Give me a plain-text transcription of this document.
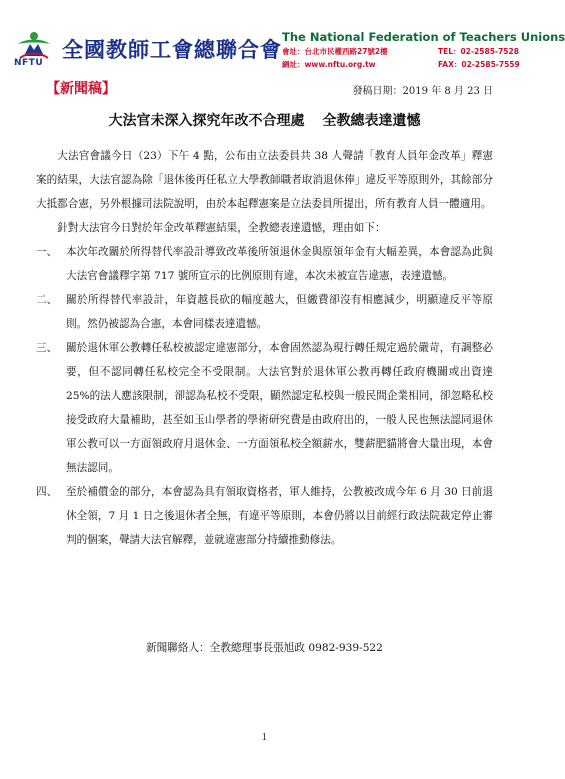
NFTU
全國教師工會總聯合會
The National Federation of Teachers Unions
會址：台北市民權西路27號2樓	TEL：02-2585-7528
網址：www.nftu.org.tw	FAX：02-2585-7559
【新聞稿】	發稿日期：2019 年 8 月 23 日
大法官未深入探究年改不合理處 全教總表達遺憾

大法官會議今日（23）下午 4 點，公布由立法委員共 38 人聲請「教育人員年金改革」釋憲案的結果，大法官認為除「退休後再任私立大學教師職者取消退休俸」違反平等原則外，其餘部分大抵都合憲，另外根據司法院說明，由於本起釋憲案是立法委員所提出，所有教育人員一體適用。

針對大法官今日對於年金改革釋憲結果，全教總表達遺憾，理由如下：

一、 本次年改關於所得替代率設計導致改革後所領退休金與原領年金有大幅差異，本會認為此與大法官會議釋字第 717 號所宣示的比例原則有違，本次未被宣告違憲，表達遺憾。

二、 關於所得替代率設計，年資越長砍的幅度越大，但繳費卻沒有相應減少，明顯違反平等原則。然仍被認為合憲，本會同樣表達遺憾。

三、 關於退休軍公教轉任私校被認定違憲部分，本會固然認為現行轉任規定過於嚴苛，有調整必要，但不認同轉任私校完全不受限制。大法官對於退休軍公教再轉任政府機關或出資達 25%的法人應該限制，卻認為私校不受限，顯然認定私校與一般民間企業相同，卻忽略私校接受政府大量補助，甚至如玉山學者的學術研究費是由政府出的，一般人民也無法認同退休軍公教可以一方面領政府月退休金、一方面領私校全額薪水，雙薪肥貓將會大量出現，本會無法認同。

四、 至於補償金的部分，本會認為具有領取資格者，軍人維持，公教被改成今年 6 月 30 日前退休全領，7 月 1 日之後退休者全無，有違平等原則，本會仍將以目前經行政法院裁定停止審判的個案，聲請大法官解釋，並就違憲部分持續推動修法。

新聞聯絡人：全教總理事長張旭政 0982-939-522
1
